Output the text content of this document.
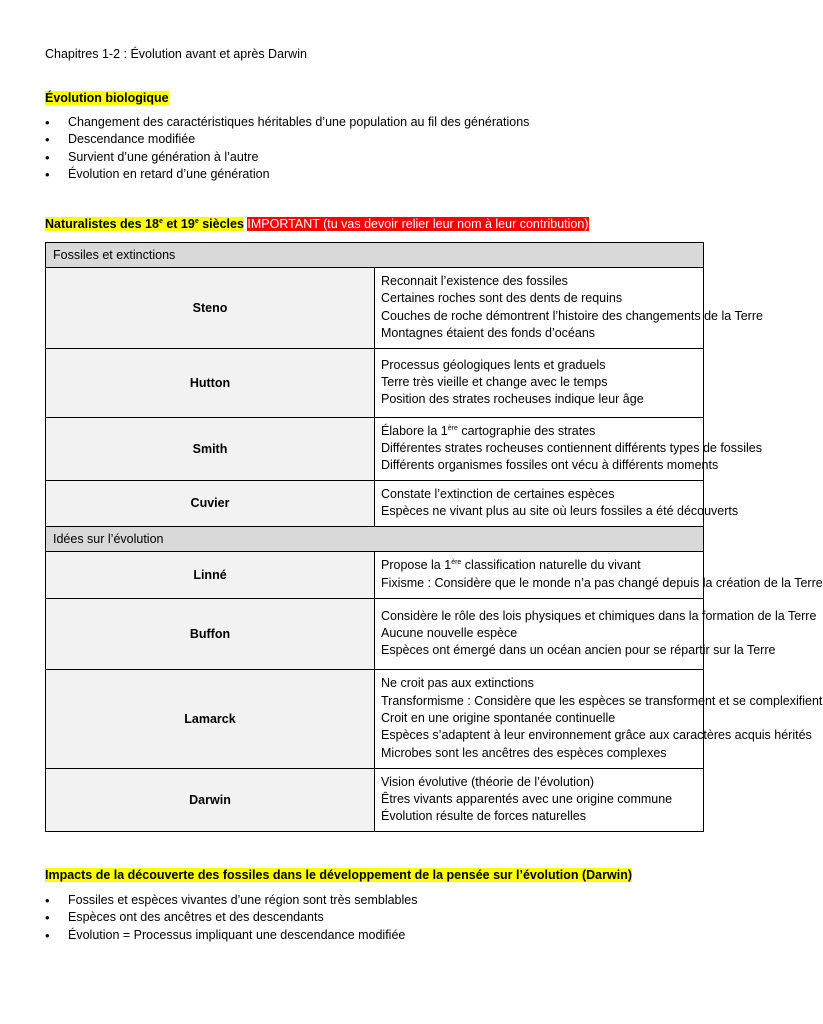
Chapitres 1-2 : Évolution avant et après Darwin
Évolution biologique
• Changement des caractéristiques héritables d’une population au fil des générations
• Descendance modifiée
• Survient d’une génération à l’autre
• Évolution en retard d’une génération
Naturalistes des 18e et 19e siècles IMPORTANT (tu vas devoir relier leur nom à leur contribution)
Fossiles et extinctions	
Steno	Reconnait l’existence des fossiles
Certaines roches sont des dents de requins
Couches de roche démontrent l’histoire des changements de la Terre
Montagnes étaient des fonds d’océans

Hutton	Processus géologiques lents et graduels
Terre très vieille et change avec le temps
Position des strates rocheuses indique leur âge

Smith	Élabore la 1ère cartographie des strates
Différentes strates rocheuses contiennent différents types de fossiles
Différents organismes fossiles ont vécu à différents moments

Cuvier	Constate l’extinction de certaines espèces
Espèces ne vivant plus au site où leurs fossiles a été découverts

Idées sur l’évolution	
Linné	Propose la 1ère classification naturelle du vivant
Fixisme : Considère que le monde n’a pas changé depuis la création de la Terre

Buffon	Considère le rôle des lois physiques et chimiques dans la formation de la Terre
Aucune nouvelle espèce
Espèces ont émergé dans un océan ancien pour se répartir sur la Terre

Lamarck	Ne croit pas aux extinctions
Transformisme : Considère que les espèces se transforment et se complexifient
Croit en une origine spontanée continuelle
Espèces s’adaptent à leur environnement grâce aux caractères acquis hérités
Microbes sont les ancêtres des espèces complexes

Darwin	Vision évolutive (théorie de l’évolution)
Êtres vivants apparentés avec une origine commune
Évolution résulte de forces naturelles
Impacts de la découverte des fossiles dans le développement de la pensée sur l’évolution (Darwin)
• Fossiles et espèces vivantes d’une région sont très semblables
• Espèces ont des ancêtres et des descendants
• Évolution = Processus impliquant une descendance modifiée
